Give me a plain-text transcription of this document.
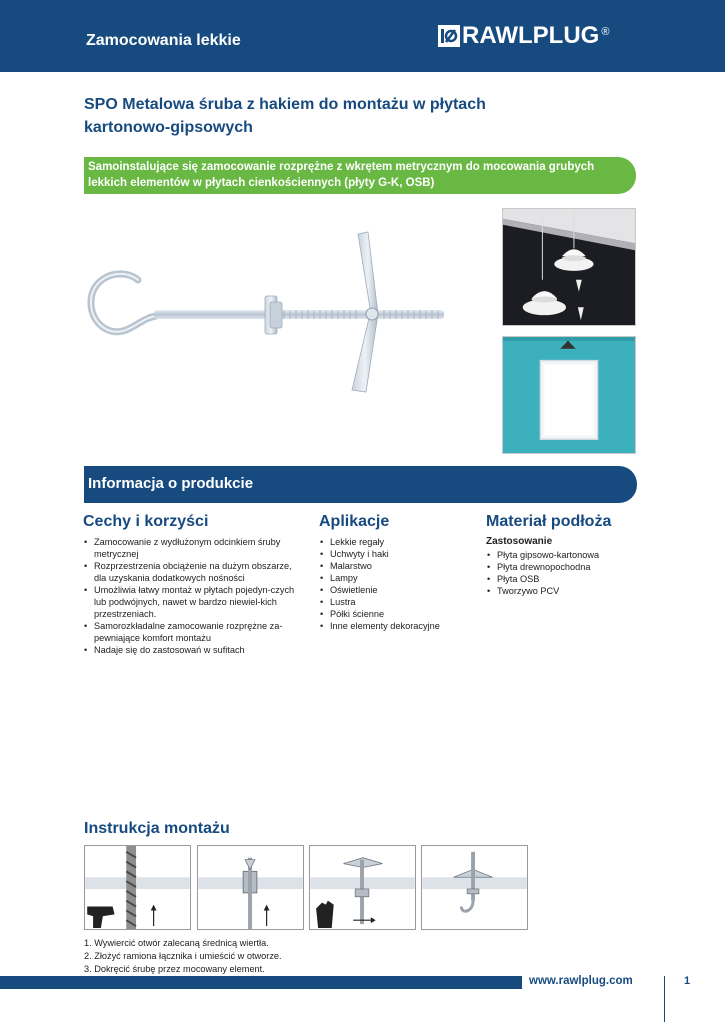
Zamocowania lekkie	RAWLPLUG ®
SPO Metalowa śruba z hakiem do montażu w płytach kartonowo-gipsowych
Samoinstalujące się zamocowanie rozprężne z wkrętem metrycznym do mocowania grubych lekkich elementów w płytach cienkościennych (płyty G-K, OSB)
Informacja o produkcie
Cechy i korzyści
• Zamocowanie z wydłużonym odcinkiem śruby metrycznej
• Rozprzestrzenia obciążenie na dużym obszarze, dla uzyskania dodatkowych nośności
• Umożliwia łatwy montaż w płytach pojedyn-czych lub podwójnych, nawet w bardzo niewiel-kich przestrzeniach.
• Samorozkładalne zamocowanie rozprężne za-pewniające komfort montażu
• Nadaje się do zastosowań w sufitach
Aplikacje
• Lekkie regały
• Uchwyty i haki
• Malarstwo
• Lampy
• Oświetlenie
• Lustra
• Półki ścienne
• Inne elementy dekoracyjne
Materiał podłoża
Zastosowanie
• Płyta gipsowo-kartonowa
• Płyta drewnopochodna
• Płyta OSB
• Tworzywo PCV
Instrukcja montażu
1. Wywiercić otwór zalecaną średnicą wiertła.
2. Złożyć ramiona łącznika i umieścić w otworze.
3. Dokręcić śrubę przez mocowany element.
www.rawlplug.com	1
